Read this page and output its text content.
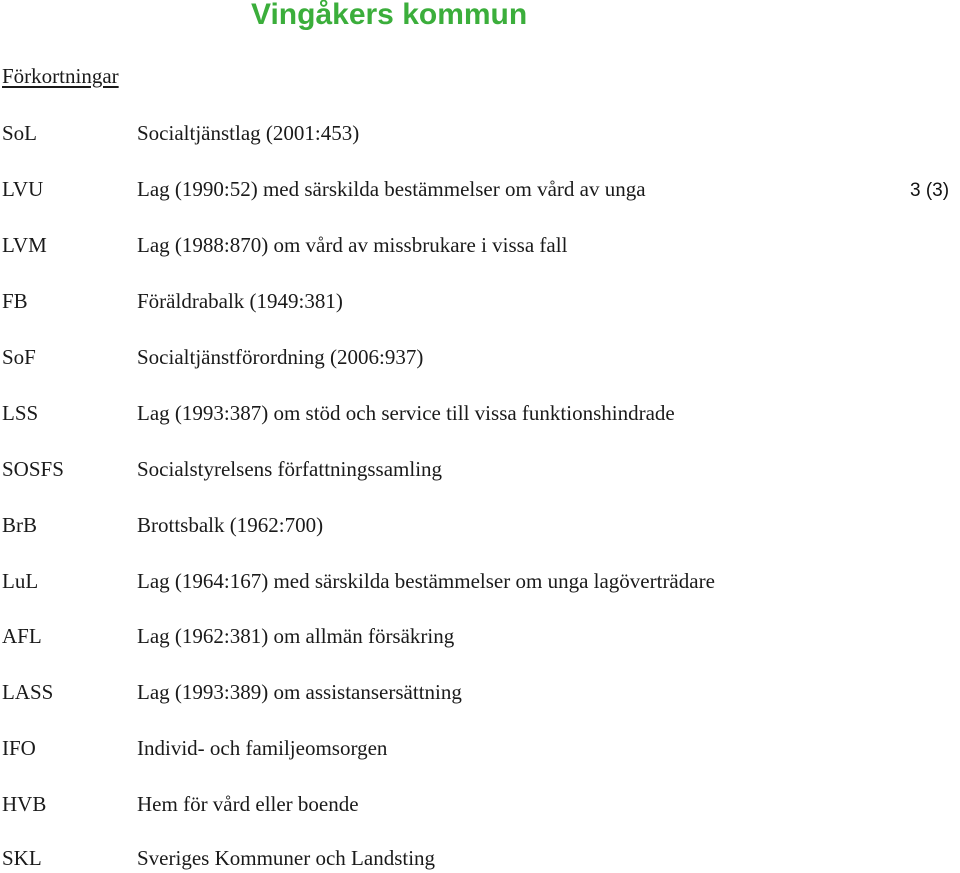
Vingåkers kommun
3 (3)
Förkortningar
SoL	Socialtjänstlag (2001:453)
LVU	Lag (1990:52) med särskilda bestämmelser om vård av unga
LVM	Lag (1988:870) om vård av missbrukare i vissa fall
FB	Föräldrabalk (1949:381)
SoF	Socialtjänstförordning (2006:937)
LSS	Lag (1993:387) om stöd och service till vissa funktionshindrade
SOSFS	Socialstyrelsens författningssamling
BrB	Brottsbalk (1962:700)
LuL	Lag (1964:167) med särskilda bestämmelser om unga lagöverträdare
AFL	Lag (1962:381) om allmän försäkring
LASS	Lag (1993:389) om assistansersättning
IFO	Individ- och familjeomsorgen
HVB	Hem för vård eller boende
SKL	Sveriges Kommuner och Landsting
